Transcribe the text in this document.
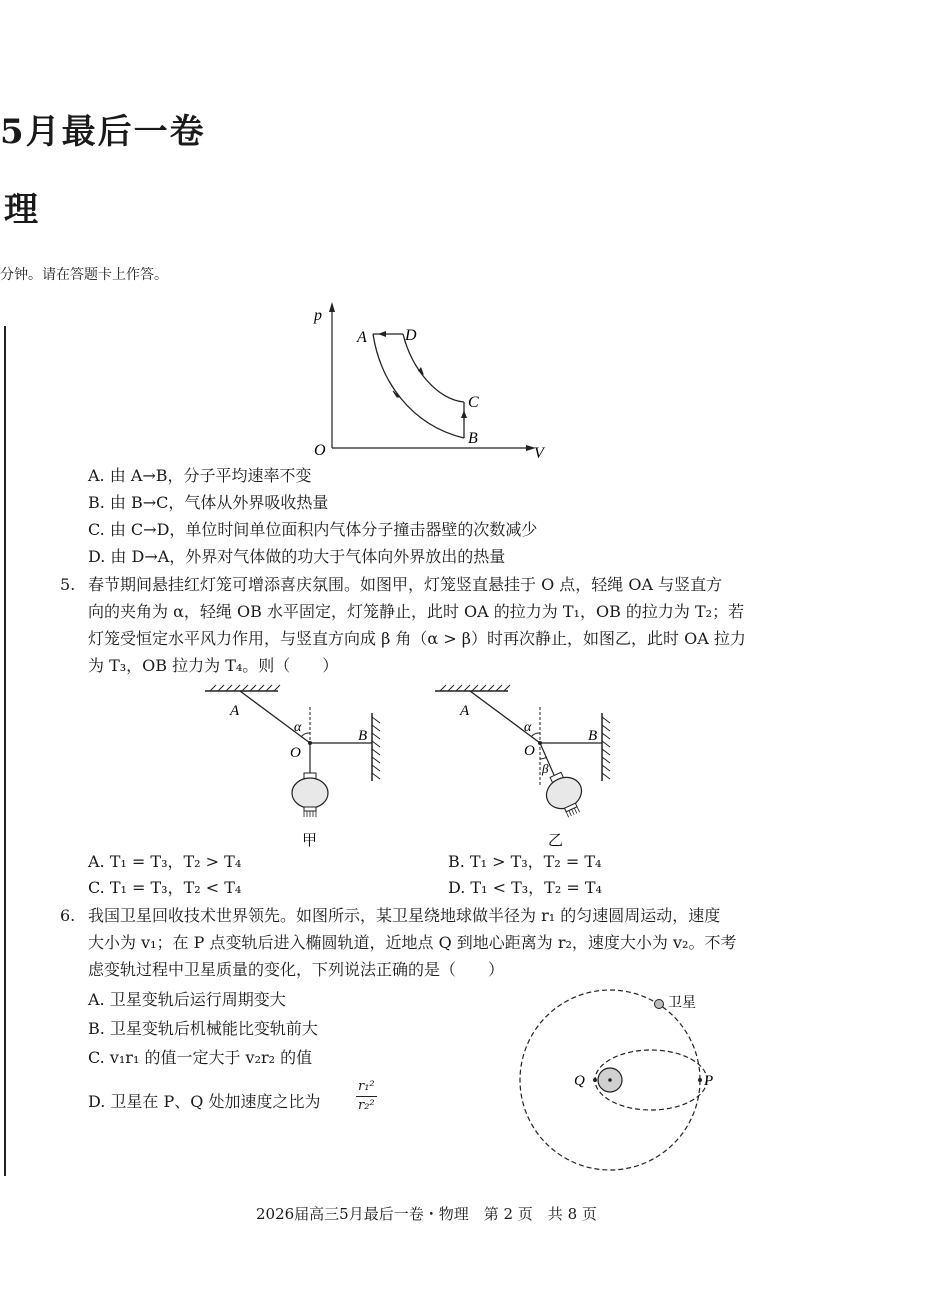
5月最后一卷
理
分钟。请在答题卡上作答。
p
V
O
A D
C
B
A. 由 A→B，分子平均速率不变
B. 由 B→C，气体从外界吸收热量
C. 由 C→D，单位时间单位面积内气体分子撞击器壁的次数减少
D. 由 D→A，外界对气体做的功大于气体向外界放出的热量
5. 春节期间悬挂红灯笼可增添喜庆氛围。如图甲，灯笼竖直悬挂于 O 点，轻绳 OA 与竖直方
向的夹角为 α，轻绳 OB 水平固定，灯笼静止，此时 OA 的拉力为 T₁，OB 的拉力为 T₂；若
灯笼受恒定水平风力作用，与竖直方向成 β 角（α > β）时再次静止，如图乙，此时 OA 拉力
为 T₃，OB 拉力为 T₄。则（　　）
A
α
O
B
甲
A
α
O
β
B
乙
A. T₁ = T₃，T₂ > T₄	B. T₁ > T₃，T₂ = T₄
C. T₁ = T₃，T₂ < T₄	D. T₁ < T₃，T₂ = T₄
6. 我国卫星回收技术世界领先。如图所示，某卫星绕地球做半径为 r₁ 的匀速圆周运动，速度
大小为 v₁；在 P 点变轨后进入椭圆轨道，近地点 Q 到地心距离为 r₂，速度大小为 v₂。不考
虑变轨过程中卫星质量的变化，下列说法正确的是（　　）
A. 卫星变轨后运行周期变大
B. 卫星变轨后机械能比变轨前大
C. v₁r₁ 的值一定大于 v₂r₂ 的值
D. 卫星在 P、Q 处加速度之比为	$\frac{\text{r₁²}}{\text{r₂²}}$
卫星
Q	P
2026届高三5月最后一卷・物理　第 2 页　共 8 页
